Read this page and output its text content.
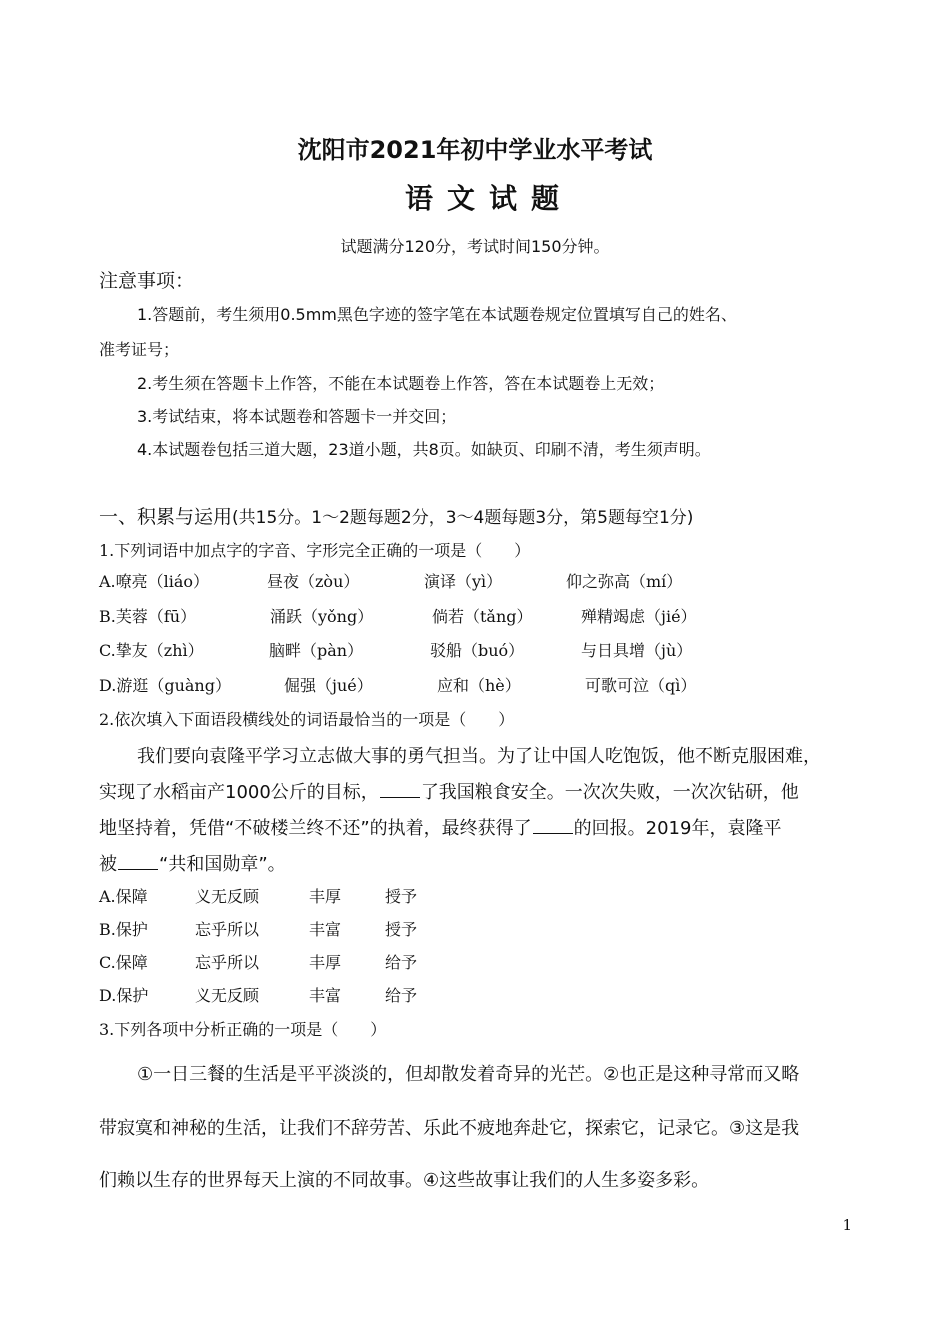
沈阳市2021年初中学业水平考试
语文试题
试题满分120分，考试时间150分钟。
注意事项：
1.答题前，考生须用0.5mm黑色字迹的签字笔在本试题卷规定位置填写自己的姓名、
准考证号；
2.考生须在答题卡上作答，不能在本试题卷上作答，答在本试题卷上无效；
3.考试结束，将本试题卷和答题卡一并交回；
4.本试题卷包括三道大题，23道小题，共8页。如缺页、印刷不清，考生须声明。
一、积累与运用(共15分。1～2题每题2分，3～4题每题3分，第5题每空1分)
1.下列词语中加点字的字音、字形完全正确的一项是（　　）
A.嘹亮（liáo）	昼夜（zòu）	演译（yì）	仰之弥高（mí）
B.芙蓉（fū）	涌跃（yǒng）	倘若（tǎng）	殚精竭虑（jié）
C.挚友（zhì）	脑畔（pàn）	驳船（buó）	与日具增（jù）
D.游逛（guàng）	倔强（jué）	应和（hè）	可歌可泣（qì）
2.依次填入下面语段横线处的词语最恰当的一项是（　　）
我们要向袁隆平学习立志做大事的勇气担当。为了让中国人吃饱饭，他不断克服困难，
实现了水稻亩产1000公斤的目标， 了我国粮食安全。一次次失败，一次次钻研，他
地坚持着，凭借“不破楼兰终不还”的执着，最终获得了 的回报。2019年，袁隆平
被 “共和国勋章”。
A.保障	义无反顾	丰厚	授予
B.保护	忘乎所以	丰富	授予
C.保障	忘乎所以	丰厚	给予
D.保护	义无反顾	丰富	给予
3.下列各项中分析正确的一项是（　　）
①一日三餐的生活是平平淡淡的，但却散发着奇异的光芒。②也正是这种寻常而又略
带寂寞和神秘的生活，让我们不辞劳苦、乐此不疲地奔赴它，探索它，记录它。③这是我
们赖以生存的世界每天上演的不同故事。④这些故事让我们的人生多姿多彩。
1
